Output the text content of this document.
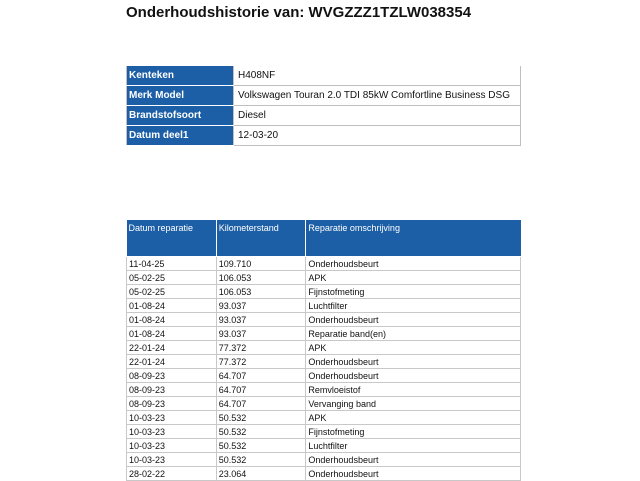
Onderhoudshistorie van: WVGZZZ1TZLW038354
Kenteken	H408NF
Merk Model	Volkswagen Touran 2.0 TDI 85kW Comfortline Business DSG
Brandstofsoort	Diesel
Datum deel1	12-03-20
Datum reparatie	Kilometerstand	Reparatie omschrijving

11-04-25	109.710	Onderhoudsbeurt
05-02-25	106.053	APK
05-02-25	106.053	Fijnstofmeting
01-08-24	93.037	Luchtfilter
01-08-24	93.037	Onderhoudsbeurt
01-08-24	93.037	Reparatie band(en)
22-01-24	77.372	APK
22-01-24	77.372	Onderhoudsbeurt
08-09-23	64.707	Onderhoudsbeurt
08-09-23	64.707	Remvloeistof
08-09-23	64.707	Vervanging band
10-03-23	50.532	APK
10-03-23	50.532	Fijnstofmeting
10-03-23	50.532	Luchtfilter
10-03-23	50.532	Onderhoudsbeurt
28-02-22	23.064	Onderhoudsbeurt
